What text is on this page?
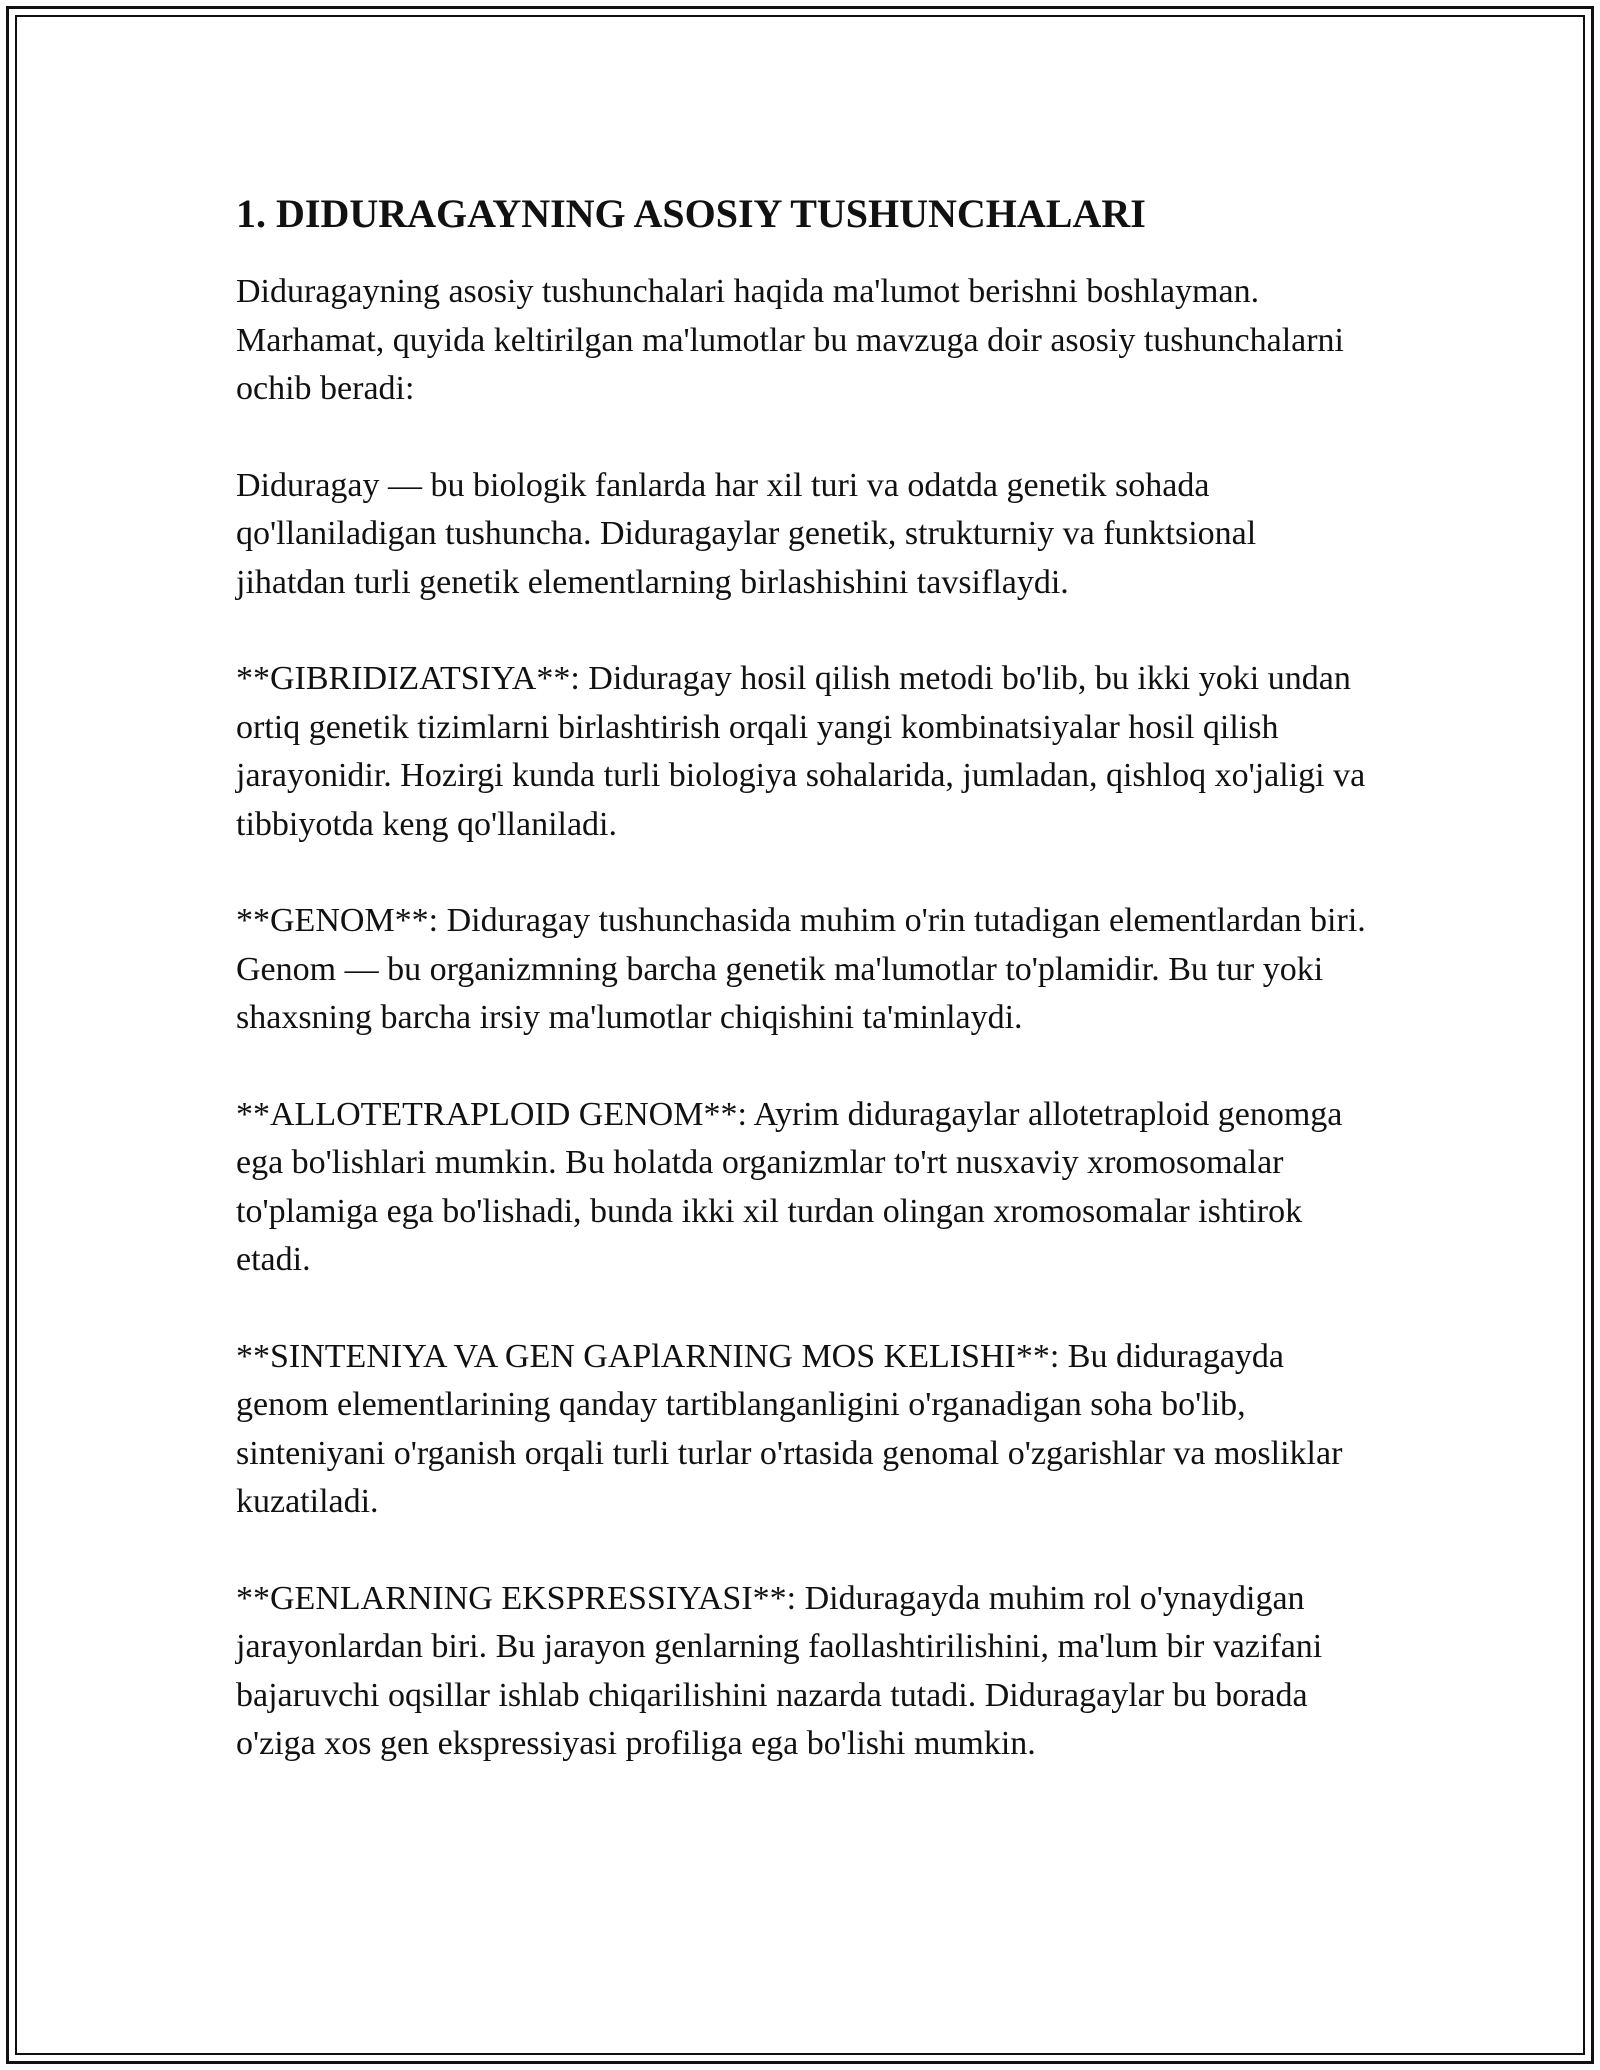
1. DIDURAGAYNING ASOSIY TUSHUNCHALARI

Diduragayning asosiy tushunchalari haqida ma'lumot berishni boshlayman. Marhamat, quyida keltirilgan ma'lumotlar bu mavzuga doir asosiy tushunchalarni ochib beradi:

Diduragay — bu biologik fanlarda har xil turi va odatda genetik sohada qo'llaniladigan tushuncha. Diduragaylar genetik, strukturniy va funktsional jihatdan turli genetik elementlarning birlashishini tavsiflaydi.

**GIBRIDIZATSIYA**: Diduragay hosil qilish metodi bo'lib, bu ikki yoki undan ortiq genetik tizimlarni birlashtirish orqali yangi kombinatsiyalar hosil qilish jarayonidir. Hozirgi kunda turli biologiya sohalarida, jumladan, qishloq xo'jaligi va tibbiyotda keng qo'llaniladi.

**GENOM**: Diduragay tushunchasida muhim o'rin tutadigan elementlardan biri. Genom — bu organizmning barcha genetik ma'lumotlar to'plamidir. Bu tur yoki shaxsning barcha irsiy ma'lumotlar chiqishini ta'minlaydi.

**ALLOTETRAPLOID GENOM**: Ayrim diduragaylar allotetraploid genomga ega bo'lishlari mumkin. Bu holatda organizmlar to'rt nusxaviy xromosomalar to'plamiga ega bo'lishadi, bunda ikki xil turdan olingan xromosomalar ishtirok etadi.

**SINTENIYA VA GEN GAPlARNING MOS KELISHI**: Bu diduragayda genom elementlarining qanday tartiblanganligini o'rganadigan soha bo'lib, sinteniyani o'rganish orqali turli turlar o'rtasida genomal o'zgarishlar va mosliklar kuzatiladi.

**GENLARNING EKSPRESSIYASI**: Diduragayda muhim rol o'ynaydigan jarayonlardan biri. Bu jarayon genlarning faollashtirilishini, ma'lum bir vazifani bajaruvchi oqsillar ishlab chiqarilishini nazarda tutadi. Diduragaylar bu borada o'ziga xos gen ekspressiyasi profiliga ega bo'lishi mumkin.
